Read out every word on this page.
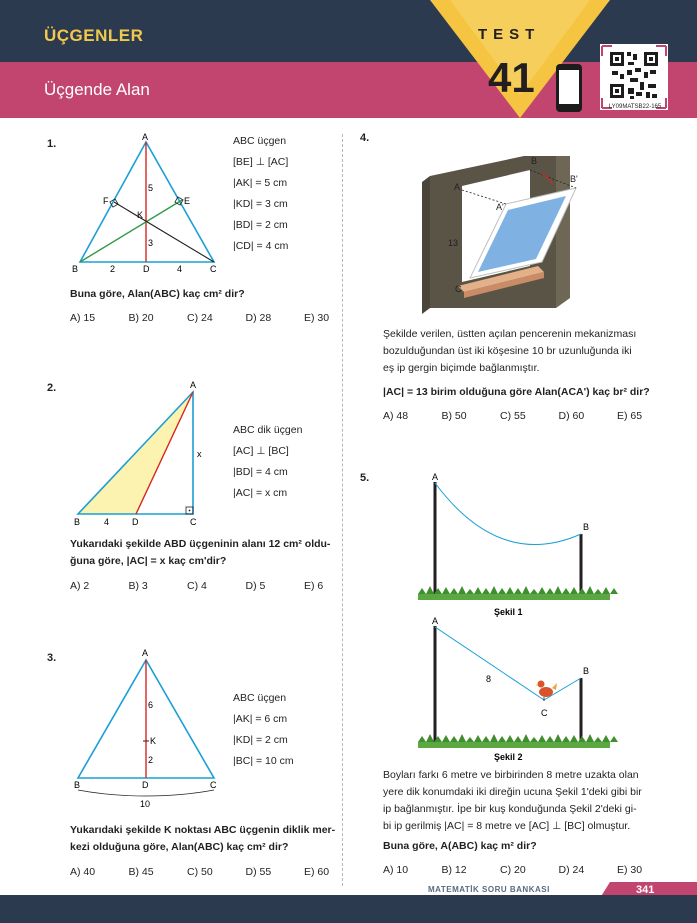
ÜÇGENLER
Üçgende Alan
TEST
41
LY09MATSB22-165
1.
A
B	C
D
E
F
K
5
3
2	4
ABC üçgen
[BE] ⊥ [AC]
|AK| = 5 cm
|KD| = 3 cm
|BD| = 2 cm
|CD| = 4 cm
Buna göre, Alan(ABC) kaç cm² dir?
A) 15	B) 20	C) 24	D) 28	E) 30
2.	A
B	C
D
x
4
ABC dik üçgen
[AC] ⊥ [BC]
|BD| = 4 cm
|AC| = x cm
Yukarıdaki şekilde ABD üçgeninin alanı 12 cm² oldu-
ğuna göre, |AC| = x kaç cm'dir?
A) 2	B) 3	C) 4	D) 5	E) 6
3.	A
B	C
D
K
6
2
10
ABC üçgen
|AK| = 6 cm
|KD| = 2 cm
|BC| = 10 cm
Yukarıdaki şekilde K noktası ABC üçgenin diklik mer-
kezi olduğuna göre, Alan(ABC) kaç cm² dir?
A) 40	B) 45	C) 50	D) 55	E) 60
4.
A
A'
B
B'
C
13
Şekilde verilen, üstten açılan pencerenin mekanizması
bozulduğundan üst iki köşesine 10 br uzunluğunda iki
eş ip gergin biçimde bağlanmıştır.
|AC| = 13 birim olduğuna göre Alan(ACA') kaç br² dir?
A) 48	B) 50	C) 55	D) 60	E) 65
5.	A
B
Şekil 1
A
B
C
8
Şekil 2
Boyları farkı 6 metre ve birbirinden 8 metre uzakta olan
yere dik konumdaki iki direğin ucuna Şekil 1'deki gibi bir
ip bağlanmıştır. İpe bir kuş konduğunda Şekil 2'deki gi-
bi ip gerilmiş |AC| = 8 metre ve [AC] ⊥ [BC] olmuştur.
Buna göre, A(ABC) kaç m² dir?
A) 10	B) 12	C) 20	D) 24	E) 30
MATEMATİK SORU BANKASI	341
